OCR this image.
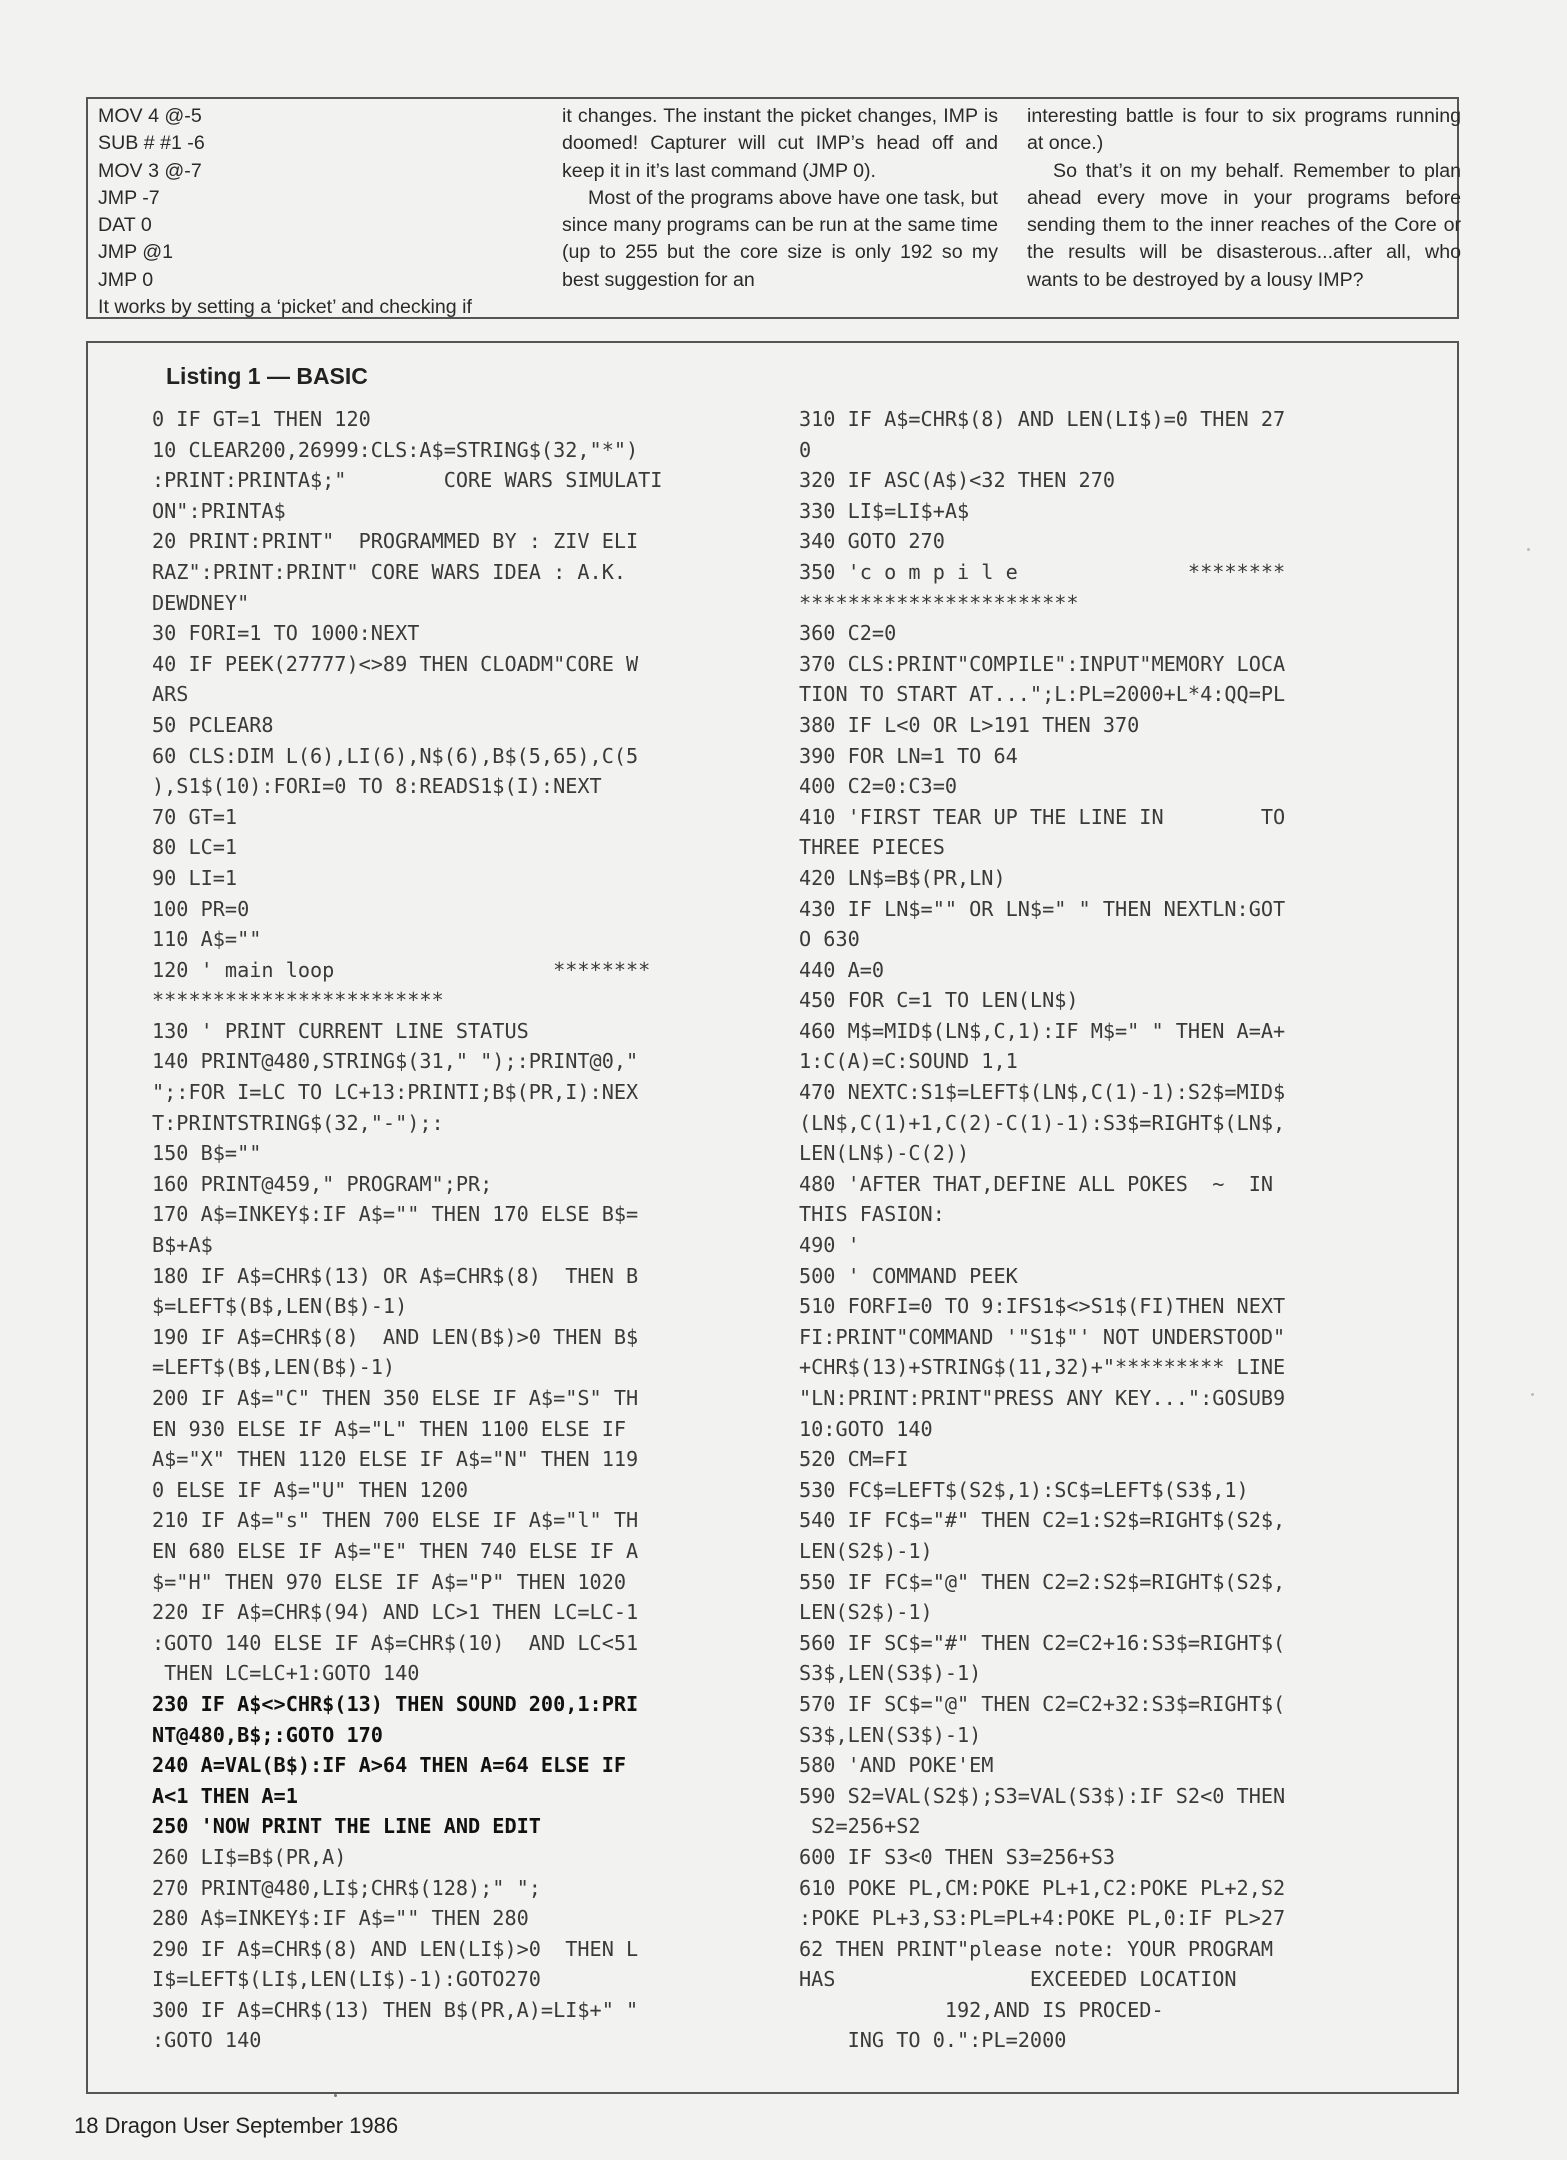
MOV 4 @-5
SUB # #1 -6
MOV 3 @-7
JMP -7
DAT 0
JMP @1
JMP 0
It works by setting a ‘picket’ and checking if

it changes. The instant the picket changes, IMP is doomed! Capturer will cut IMP’s head off and keep it in it’s last command (JMP 0).

Most of the programs above have one task, but since many programs can be run at the same time (up to 255 but the core size is only 192 so my best suggestion for an

interesting battle is four to six programs running at once.)

So that’s it on my behalf. Remember to plan ahead every move in your programs before sending them to the inner reaches of the Core or the results will be disasterous...after all, who wants to be destroyed by a lousy IMP?

Listing 1 — BASIC
0 IF GT=1 THEN 120
10 CLEAR200,26999:CLS:A$=STRING$(32,"*")
:PRINT:PRINTA$;"        CORE WARS SIMULATI
ON":PRINTA$
20 PRINT:PRINT"  PROGRAMMED BY : ZIV ELI
RAZ":PRINT:PRINT" CORE WARS IDEA : A.K.
DEWDNEY"
30 FORI=1 TO 1000:NEXT
40 IF PEEK(27777)<>89 THEN CLOADM"CORE W
ARS
50 PCLEAR8
60 CLS:DIM L(6),LI(6),N$(6),B$(5,65),C(5
),S1$(10):FORI=0 TO 8:READS1$(I):NEXT
70 GT=1
80 LC=1
90 LI=1
100 PR=0
110 A$=""
120 ' main loop                  ********
************************
130 ' PRINT CURRENT LINE STATUS
140 PRINT@480,STRING$(31," ");:PRINT@0,"
";:FOR I=LC TO LC+13:PRINTI;B$(PR,I):NEX
T:PRINTSTRING$(32,"-");:
150 B$=""
160 PRINT@459," PROGRAM";PR;
170 A$=INKEY$:IF A$="" THEN 170 ELSE B$=
B$+A$
180 IF A$=CHR$(13) OR A$=CHR$(8)  THEN B
$=LEFT$(B$,LEN(B$)-1)
190 IF A$=CHR$(8)  AND LEN(B$)>0 THEN B$
=LEFT$(B$,LEN(B$)-1)
200 IF A$="C" THEN 350 ELSE IF A$="S" TH
EN 930 ELSE IF A$="L" THEN 1100 ELSE IF
A$="X" THEN 1120 ELSE IF A$="N" THEN 119
0 ELSE IF A$="U" THEN 1200
210 IF A$="s" THEN 700 ELSE IF A$="l" TH
EN 680 ELSE IF A$="E" THEN 740 ELSE IF A
$="H" THEN 970 ELSE IF A$="P" THEN 1020
220 IF A$=CHR$(94) AND LC>1 THEN LC=LC-1
:GOTO 140 ELSE IF A$=CHR$(10)  AND LC<51
THEN LC=LC+1:GOTO 140
230 IF A$<>CHR$(13) THEN SOUND 200,1:PRI
NT@480,B$;:GOTO 170
240 A=VAL(B$):IF A>64 THEN A=64 ELSE IF
A<1 THEN A=1
250 'NOW PRINT THE LINE AND EDIT
260 LI$=B$(PR,A)
270 PRINT@480,LI$;CHR$(128);" ";
280 A$=INKEY$:IF A$="" THEN 280
290 IF A$=CHR$(8) AND LEN(LI$)>0  THEN L
I$=LEFT$(LI$,LEN(LI$)-1):GOTO270
300 IF A$=CHR$(13) THEN B$(PR,A)=LI$+" "
:GOTO 140
310 IF A$=CHR$(8) AND LEN(LI$)=0 THEN 27
0
320 IF ASC(A$)<32 THEN 270
330 LI$=LI$+A$
340 GOTO 270
350 'c o m p i l e              ********
***********************
360 C2=0
370 CLS:PRINT"COMPILE":INPUT"MEMORY LOCA
TION TO START AT...";L:PL=2000+L*4:QQ=PL
380 IF L<0 OR L>191 THEN 370
390 FOR LN=1 TO 64
400 C2=0:C3=0
410 'FIRST TEAR UP THE LINE IN        TO
THREE PIECES
420 LN$=B$(PR,LN)
430 IF LN$="" OR LN$=" " THEN NEXTLN:GOT
O 630
440 A=0
450 FOR C=1 TO LEN(LN$)
460 M$=MID$(LN$,C,1):IF M$=" " THEN A=A+
1:C(A)=C:SOUND 1,1
470 NEXTC:S1$=LEFT$(LN$,C(1)-1):S2$=MID$
(LN$,C(1)+1,C(2)-C(1)-1):S3$=RIGHT$(LN$,
LEN(LN$)-C(2))
480 'AFTER THAT,DEFINE ALL POKES  ~  IN
THIS FASION:
490 '
500 ' COMMAND PEEK
510 FORFI=0 TO 9:IFS1$<>S1$(FI)THEN NEXT
FI:PRINT"COMMAND '"S1$"' NOT UNDERSTOOD"
+CHR$(13)+STRING$(11,32)+"********* LINE
"LN:PRINT:PRINT"PRESS ANY KEY...":GOSUB9
10:GOTO 140
520 CM=FI
530 FC$=LEFT$(S2$,1):SC$=LEFT$(S3$,1)
540 IF FC$="#" THEN C2=1:S2$=RIGHT$(S2$,
LEN(S2$)-1)
550 IF FC$="@" THEN C2=2:S2$=RIGHT$(S2$,
LEN(S2$)-1)
560 IF SC$="#" THEN C2=C2+16:S3$=RIGHT$(
S3$,LEN(S3$)-1)
570 IF SC$="@" THEN C2=C2+32:S3$=RIGHT$(
S3$,LEN(S3$)-1)
580 'AND POKE'EM
590 S2=VAL(S2$);S3=VAL(S3$):IF S2<0 THEN
S2=256+S2
600 IF S3<0 THEN S3=256+S3
610 POKE PL,CM:POKE PL+1,C2:POKE PL+2,S2
:POKE PL+3,S3:PL=PL+4:POKE PL,0:IF PL>27
62 THEN PRINT"please note: YOUR PROGRAM
HAS                EXCEEDED LOCATION
192,AND IS PROCED-
ING TO 0.":PL=2000

18 Dragon User September 1986
